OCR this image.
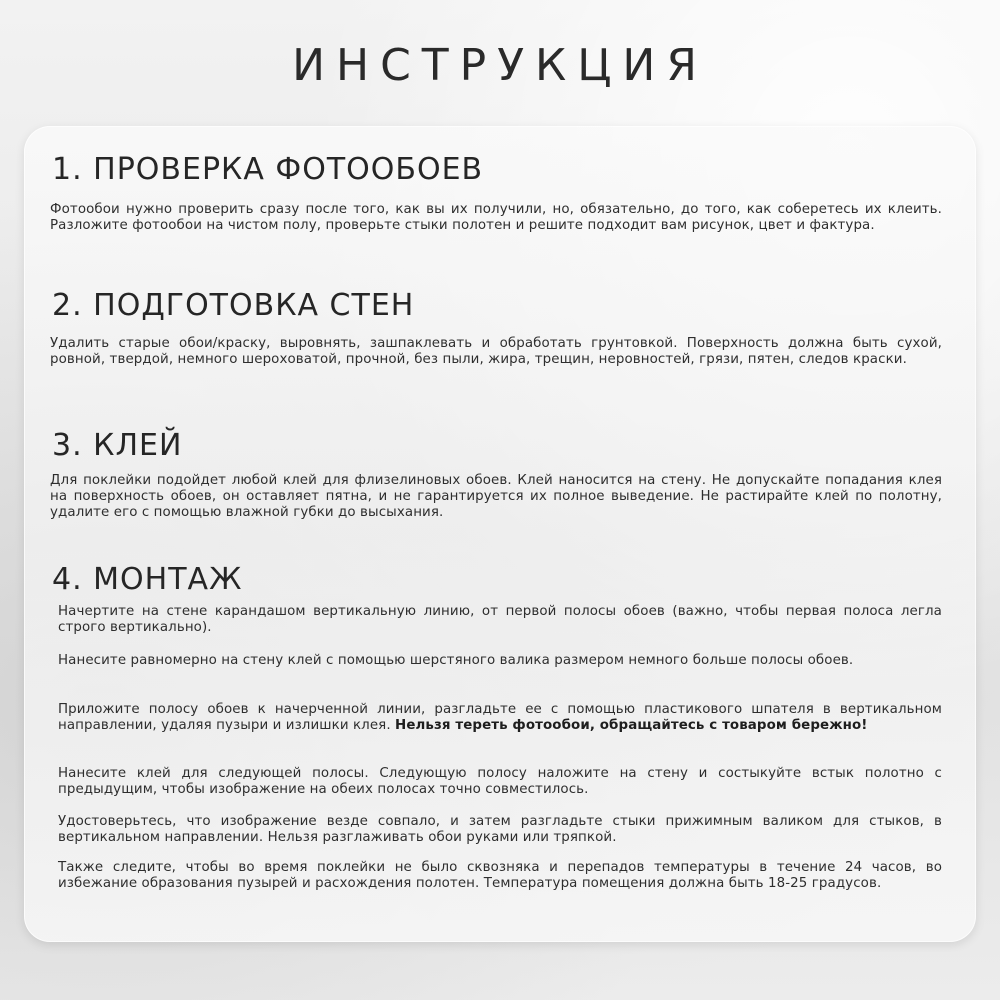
ИНСТРУКЦИЯ
1. ПРОВЕРКА ФОТООБОЕВ

Фотообои нужно проверить сразу после того, как вы их получили, но, обязательно, до того, как соберетесь их клеить. Разложите фотообои на чистом полу, проверьте стыки полотен и решите подходит вам рисунок, цвет и фактура.

2. ПОДГОТОВКА СТЕН

Удалить старые обои/краску, выровнять, зашпаклевать и обработать грунтовкой. Поверхность должна быть сухой, ровной, твердой, немного шероховатой, прочной, без пыли, жира, трещин, неровностей, грязи, пятен, следов краски.

3. КЛЕЙ

Для поклейки подойдет любой клей для флизелиновых обоев. Клей наносится на стену. Не допускайте попадания клея на поверхность обоев, он оставляет пятна, и не гарантируется их полное выведение. Не растирайте клей по полотну, удалите его с помощью влажной губки до высыхания.

4. МОНТАЖ

Начертите на стене карандашом вертикальную линию, от первой полосы обоев (важно, чтобы первая полоса легла строго вертикально).

Нанесите равномерно на стену клей с помощью шерстяного валика размером немного больше полосы обоев.

Приложите полосу обоев к начерченной линии, разгладьте ее с помощью пластикового шпателя в вертикальном направлении, удаляя пузыри и излишки клея. Нельзя тереть фотообои, обращайтесь с товаром бережно!

Нанесите клей для следующей полосы. Следующую полосу наложите на стену и состыкуйте встык полотно с предыдущим, чтобы изображение на обеих полосах точно совместилось.

Удостоверьтесь, что изображение везде совпало, и затем разгладьте стыки прижимным валиком для стыков, в вертикальном направлении. Нельзя разглаживать обои руками или тряпкой.

Также следите, чтобы во время поклейки не было сквозняка и перепадов температуры в течение 24 часов, во избежание образования пузырей и расхождения полотен. Температура помещения должна быть 18-25 градусов.
